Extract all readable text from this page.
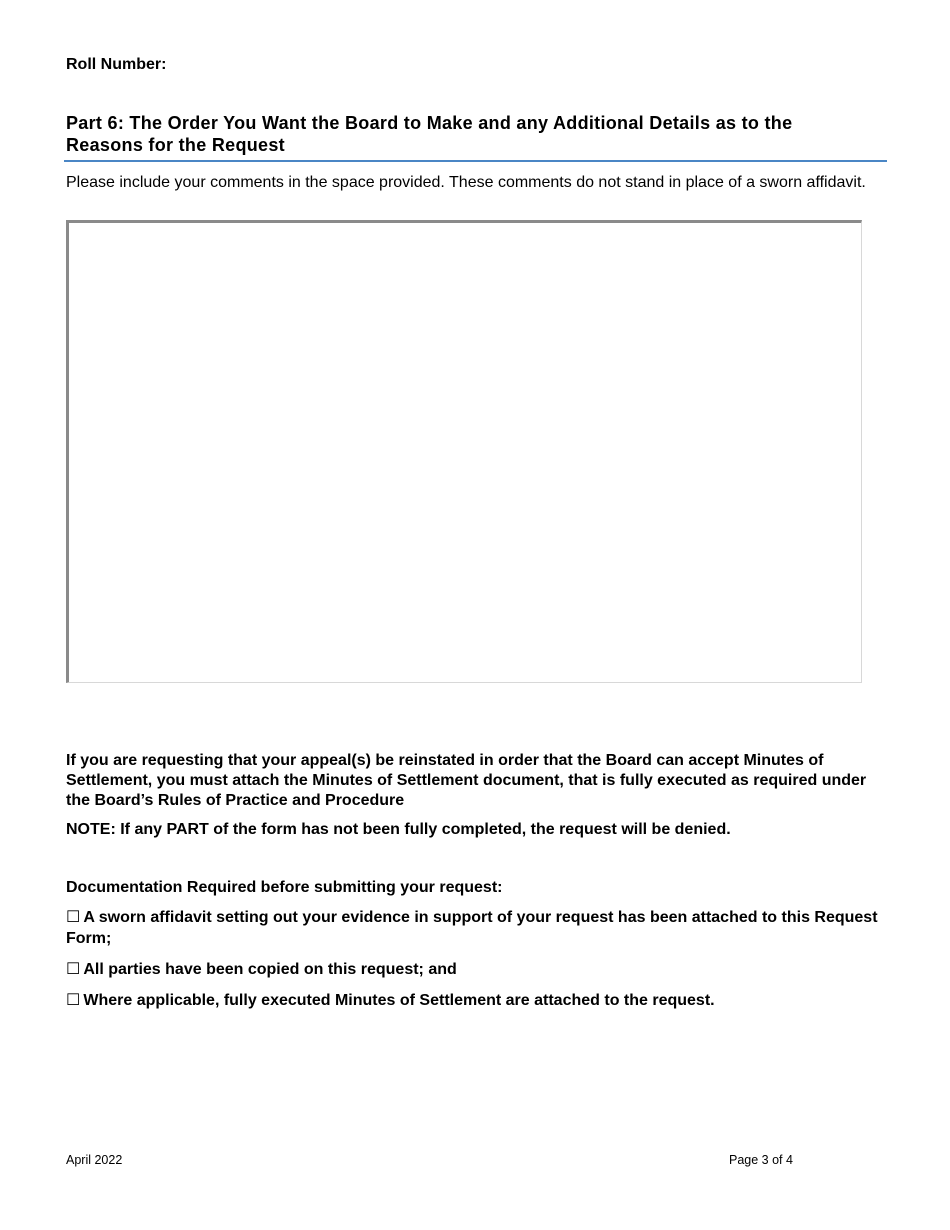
Roll Number:
Part 6: The Order You Want the Board to Make and any Additional Details as to the Reasons for the Request
Please include your comments in the space provided. These comments do not stand in place of a sworn affidavit.
If you are requesting that your appeal(s) be reinstated in order that the Board can accept Minutes of Settlement, you must attach the Minutes of Settlement document, that is fully executed as required under the Board’s Rules of Practice and Procedure
NOTE: If any PART of the form has not been fully completed, the request will be denied.
Documentation Required before submitting your request:
☐ A sworn affidavit setting out your evidence in support of your request has been attached to this Request Form;
☐ All parties have been copied on this request; and
☐ Where applicable, fully executed Minutes of Settlement are attached to the request.
April 2022	Page 3 of 4
